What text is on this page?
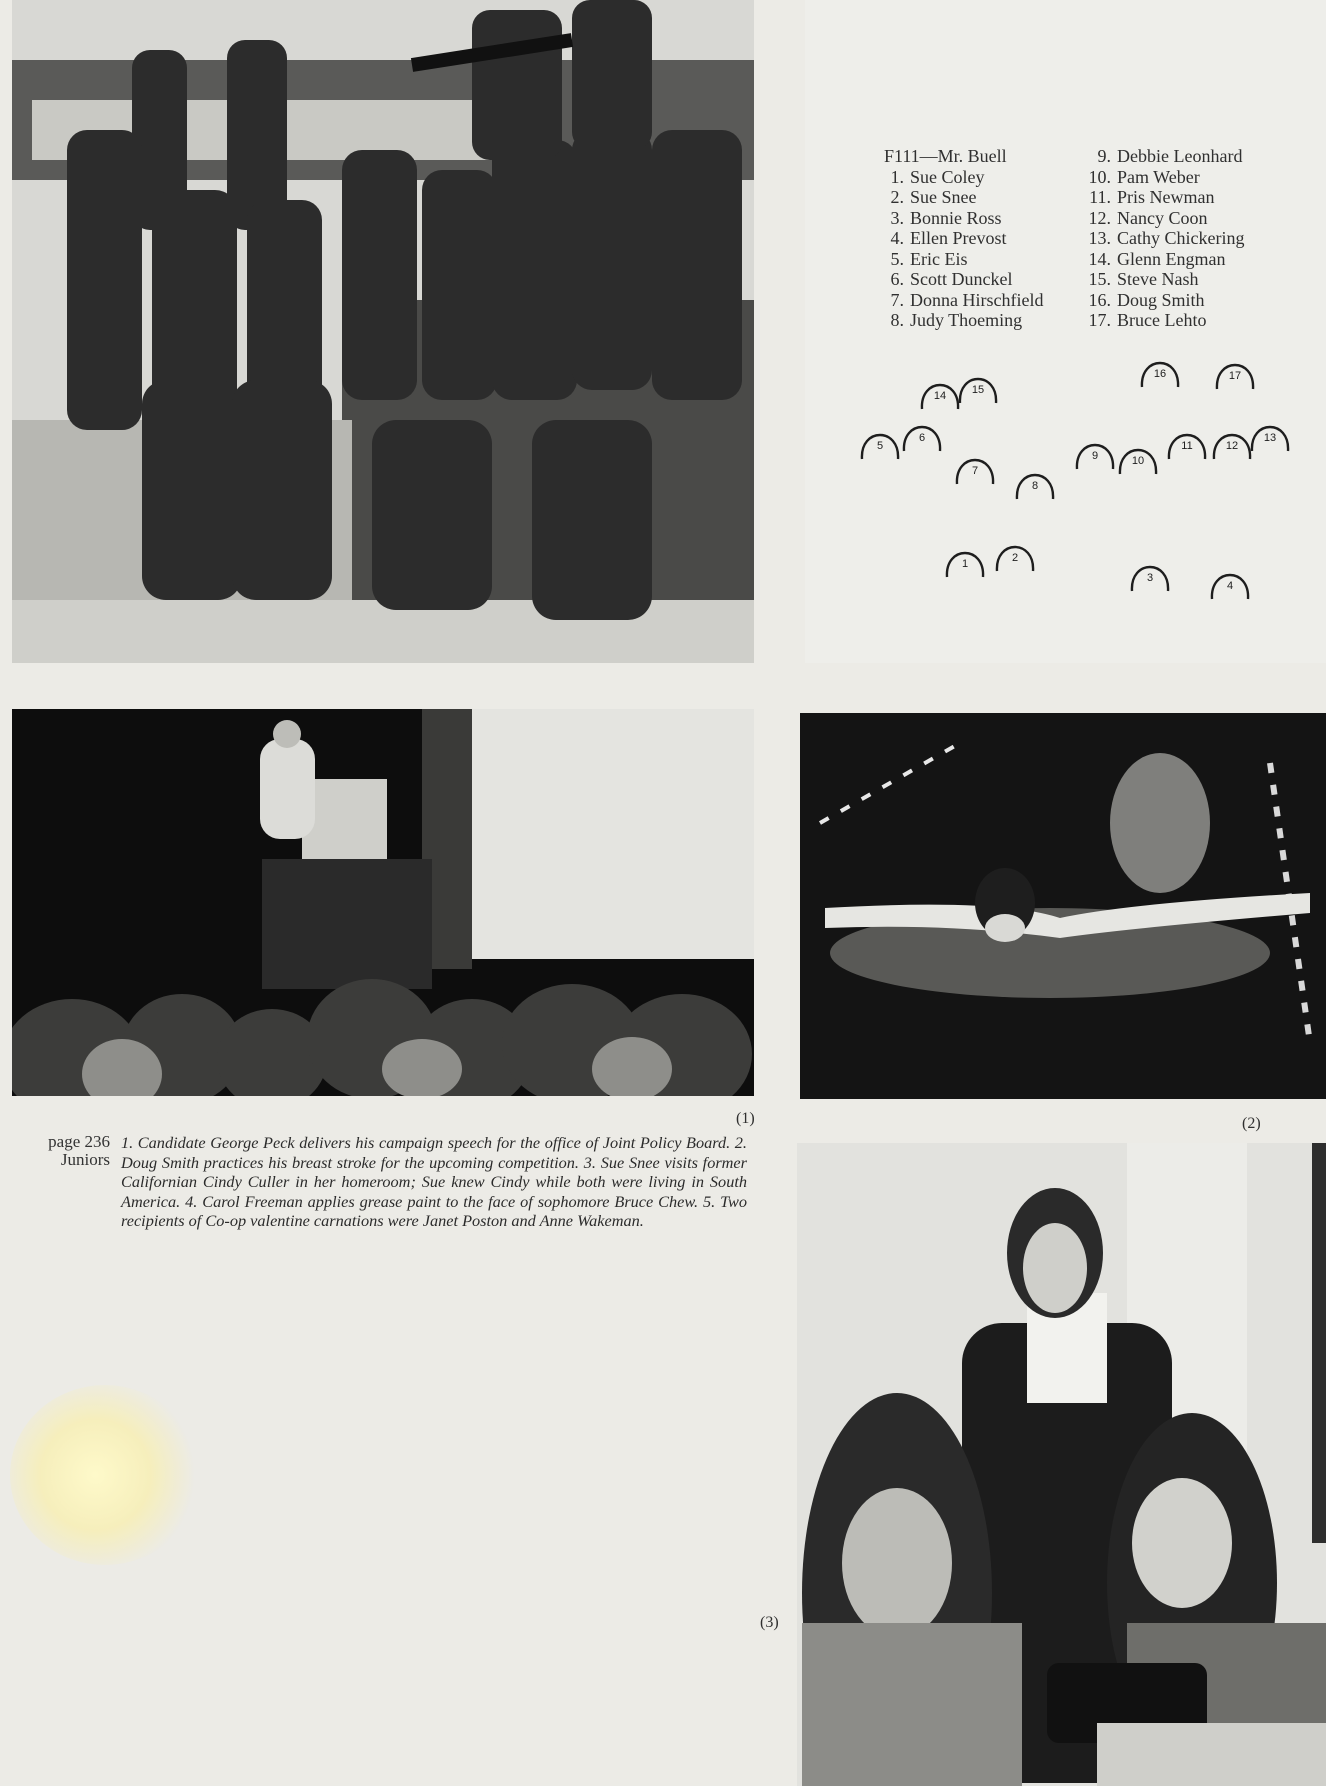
F111—Mr. Buell
1. Sue Coley
2. Sue Snee
3. Bonnie Ross
4. Ellen Prevost
5. Eric Eis
6. Scott Dunckel
7. Donna Hirschfield
8. Judy Thoeming
9. Debbie Leonhard
10. Pam Weber
11. Pris Newman
12. Nancy Coon
13. Cathy Chickering
14. Glenn Engman
15. Steve Nash
16. Doug Smith
17. Bruce Lehto
1	2
3
4
5
6
7
8
9	10
11	12
13
14 15
16	17
(1)	(2)
page 236
Juniors
1. Candidate George Peck delivers his campaign speech for the office of Joint Policy Board. 2. Doug Smith practices his breast stroke for the upcoming competition. 3. Sue Snee visits former Californian Cindy Culler in her homeroom; Sue knew Cindy while both were living in South America. 4. Carol Freeman applies grease paint to the face of sophomore Bruce Chew. 5. Two recipients of Co-op valentine carnations were Janet Poston and Anne Wakeman.
(3)
